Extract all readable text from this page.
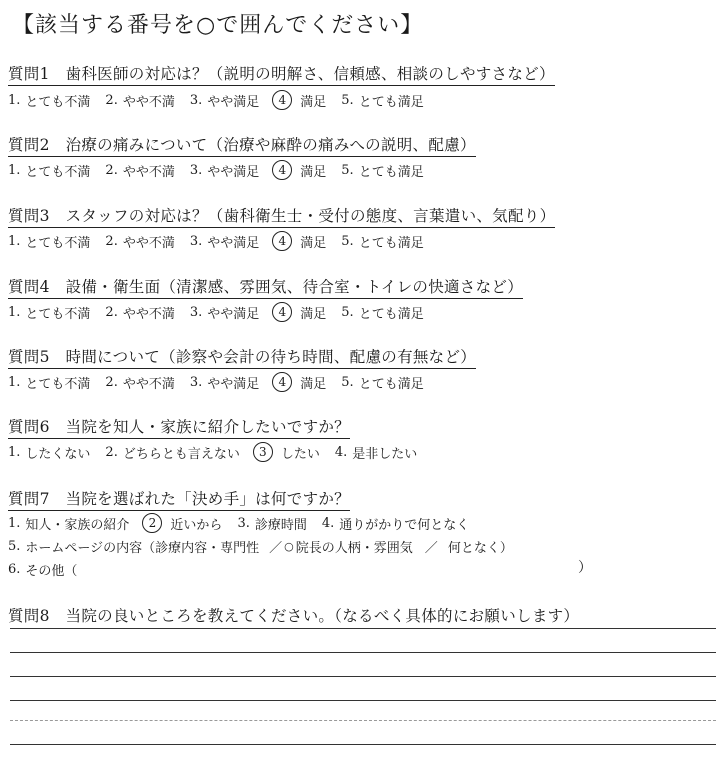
【該当する番号を○で囲んでください】
質問1　 歯科医師の対応は？（説明の明解さ、信頼感、相談のしやすさなど）
1. とても不満 2. やや不満 3. やや満足	4	満足 5. とても満足
質問2　 治療の痛みについて（治療や麻酔の痛みへの説明、配慮）
1. とても不満 2. やや不満 3. やや満足	4	満足 5. とても満足
質問3　 スタッフの対応は？（歯科衛生士・受付の態度、言葉遣い、気配り）
1. とても不満 2. やや不満 3. やや満足	4	満足 5. とても満足
質問4　 設備・衛生面（清潔感、雰囲気、待合室・トイレの快適さなど）
1. とても不満 2. やや不満 3. やや満足	4	満足 5. とても満足
質問5　 時間について（診察や会計の待ち時間、配慮の有無など）
1. とても不満 2. やや不満 3. やや満足	4	満足 5. とても満足
質問6　 当院を知人・家族に紹介したいですか？
1. したくない 2. どちらとも言えない	3	したい 4. 是非したい
質問7　 当院を選ばれた「決め手」は何ですか？
1. 知人・家族の紹介	2	近いから 3. 診療時間 4. 通りがかりで何となく
5. ホームページの内容（診療内容・専門性 ／ ○ 院長の人柄・雰囲気 ／ 何となく）
6. その他（	）
質問8　 当院の良いところを教えてください。（なるべく具体的にお願いします）
